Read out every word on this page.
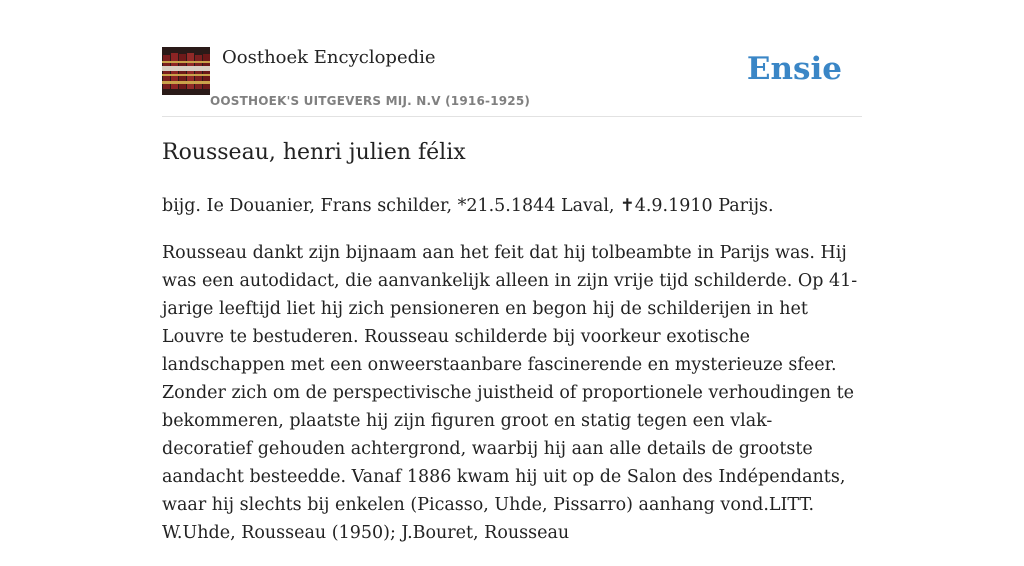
Oosthoek Encyclopedie
OOSTHOEK'S UITGEVERS MIJ. N.V (1916-1925)
Ensie
Rousseau, henri julien félix

bijg. Ie Douanier, Frans schilder, *21.5.1844 Laval, ✝4.9.1910 Parijs.

Rousseau dankt zijn bijnaam aan het feit dat hij tolbeambte in Parijs was. Hij was een autodidact, die aanvankelijk alleen in zijn vrije tijd schilderde. Op 41-jarige leeftijd liet hij zich pensioneren en begon hij de schilderijen in het Louvre te bestuderen. Rousseau schilderde bij voorkeur exotische landschappen met een onweerstaanbare fascinerende en mysterieuze sfeer. Zonder zich om de perspectivische juistheid of proportionele verhoudingen te bekommeren, plaatste hij zijn figuren groot en statig tegen een vlak-decoratief gehouden achtergrond, waarbij hij aan alle details de grootste aandacht besteedde. Vanaf 1886 kwam hij uit op de Salon des Indépendants, waar hij slechts bij enkelen (Picasso, Uhde, Pissarro) aanhang vond.LITT. W.Uhde, Rousseau (1950); J.Bouret, Rousseau
